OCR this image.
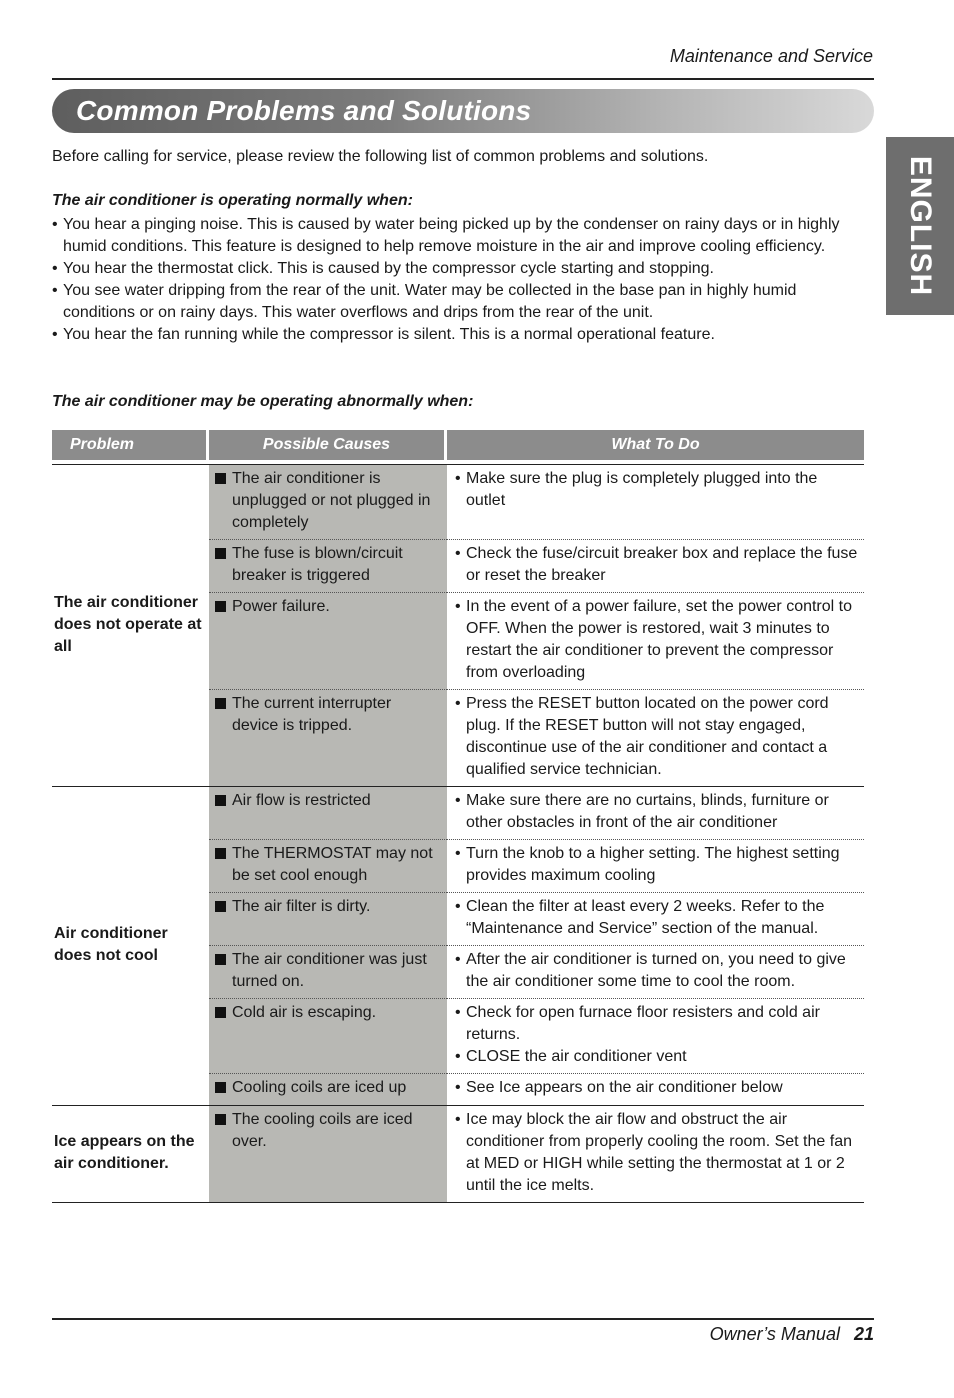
Maintenance and Service
Common Problems and Solutions
ENGLISH
Before calling for service, please review the following list of common problems and solutions.
The air conditioner is operating normally when:
• You hear a pinging noise. This is caused by water being picked up by the condenser on rainy days or in highly humid conditions. This feature is designed to help remove moisture in the air and improve cooling efficiency.
• You hear the thermostat click. This is caused by the compressor cycle starting and stopping.
• You see water dripping from the rear of the unit. Water may be collected in the base pan in highly humid conditions or on rainy days. This water overflows and drips from the rear of the unit.
• You hear the fan running while the compressor is silent. This is a normal operational feature.
The air conditioner may be operating abnormally when:
Problem	Possible Causes	What To Do
The air conditioner does not operate at all	The air conditioner is unplugged or not plugged in completely	• Make sure the plug is completely plugged into the outlet

	The fuse is blown/circuit breaker is triggered	• Check the fuse/circuit breaker box and replace the fuse or reset the breaker

	Power failure.	• In the event of a power failure, set the power control to OFF. When the power is restored, wait 3 minutes to restart the air conditioner to prevent the compressor from overloading

	The current interrupter device is tripped.	• Press the RESET button located on the power cord plug. If the RESET button will not stay engaged, discontinue use of the air conditioner and contact a qualified service technician.

Air conditioner does not cool	Air flow is restricted	• Make sure there are no curtains, blinds, furniture or other obstacles in front of the air conditioner

	The THERMOSTAT may not be set cool enough	• Turn the knob to a higher setting. The highest setting provides maximum cooling

	The air filter is dirty.	• Clean the filter at least every 2 weeks. Refer to the “Maintenance and Service” section of the manual.

	The air conditioner was just turned on.	• After the air conditioner is turned on, you need to give the air conditioner some time to cool the room.

	Cold air is escaping.	• Check for open furnace floor resisters and cold air returns.
• CLOSE the air conditioner vent

	Cooling coils are iced up	• See Ice appears on the air conditioner below

Ice appears on the air conditioner.	The cooling coils are iced over.	• Ice may block the air flow and obstruct the air conditioner from properly cooling the room. Set the fan at MED or HIGH while setting the thermostat at 1 or 2 until the ice melts.
Owner’s Manual 21
